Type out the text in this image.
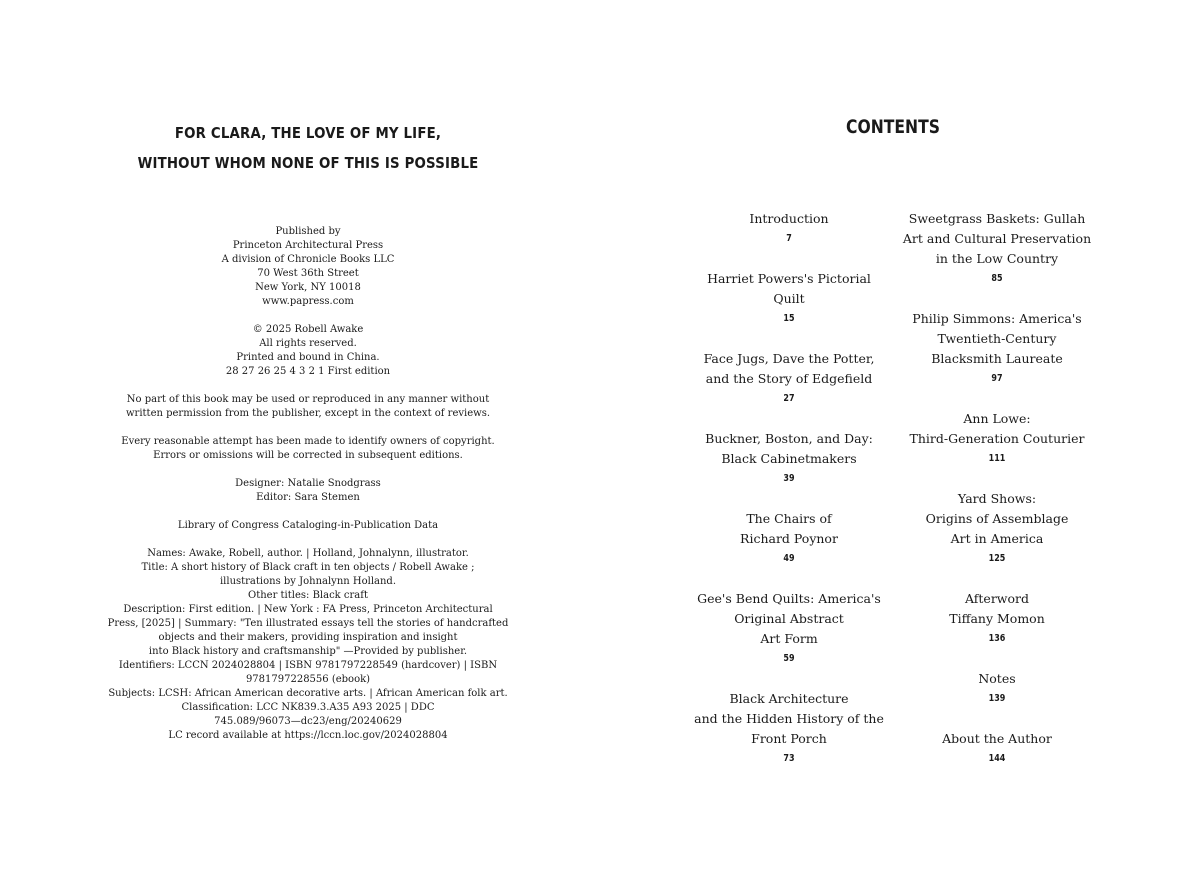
FOR CLARA, THE LOVE OF MY LIFE,
WITHOUT WHOM NONE OF THIS IS POSSIBLE
Published by
Princeton Architectural Press
A division of Chronicle Books LLC
70 West 36th Street
New York, NY 10018
www.papress.com
© 2025 Robell Awake
All rights reserved.
Printed and bound in China.
28 27 26 25 4 3 2 1 First edition
No part of this book may be used or reproduced in any manner without
written permission from the publisher, except in the context of reviews.
Every reasonable attempt has been made to identify owners of copyright.
Errors or omissions will be corrected in subsequent editions.
Designer: Natalie Snodgrass
Editor: Sara Stemen
Library of Congress Cataloging-in-Publication Data
Names: Awake, Robell, author. | Holland, Johnalynn, illustrator.
Title: A short history of Black craft in ten objects / Robell Awake ;
illustrations by Johnalynn Holland.
Other titles: Black craft
Description: First edition. | New York : FA Press, Princeton Architectural
Press, [2025] | Summary: "Ten illustrated essays tell the stories of handcrafted
objects and their makers, providing inspiration and insight
into Black history and craftsmanship" —Provided by publisher.
Identifiers: LCCN 2024028804 | ISBN 9781797228549 (hardcover) | ISBN
9781797228556 (ebook)
Subjects: LCSH: African American decorative arts. | African American folk art.
Classification: LCC NK839.3.A35 A93 2025 | DDC
745.089/96073—dc23/eng/20240629
LC record available at https://lccn.loc.gov/2024028804
CONTENTS
Introduction
7
Harriet Powers's Pictorial
Quilt
15
Face Jugs, Dave the Potter,
and the Story of Edgefield
27
Buckner, Boston, and Day:
Black Cabinetmakers
39
The Chairs of
Richard Poynor
49
Gee's Bend Quilts: America's
Original Abstract
Art Form
59
Black Architecture
and the Hidden History of the
Front Porch
73
Sweetgrass Baskets: Gullah
Art and Cultural Preservation
in the Low Country
85
Philip Simmons: America's
Twentieth-Century
Blacksmith Laureate
97
Ann Lowe:
Third-Generation Couturier
111
Yard Shows:
Origins of Assemblage
Art in America
125
Afterword
Tiffany Momon
136
Notes
139
About the Author
144
